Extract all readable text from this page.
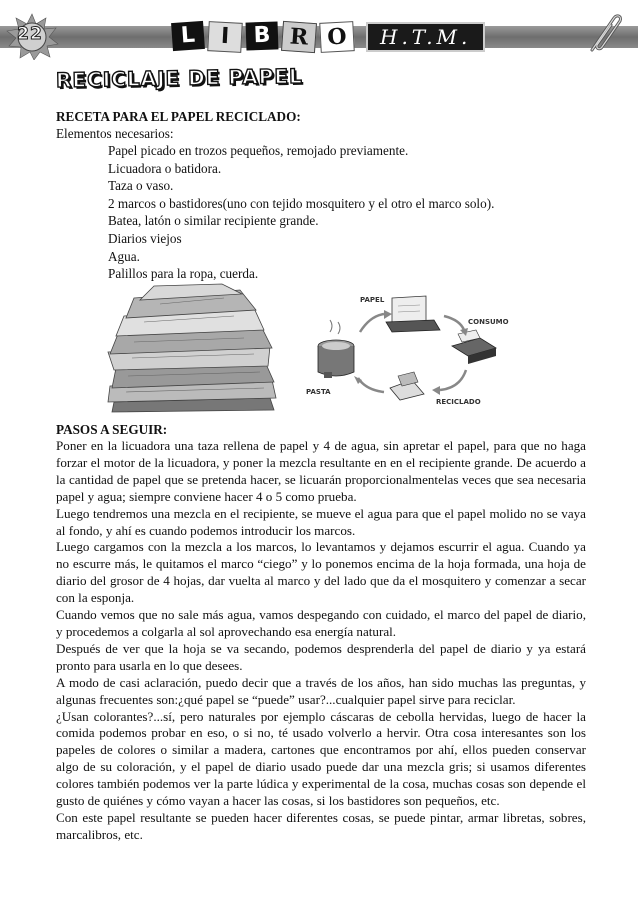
22	L	I	B R O	H.T.M.
RECICLAJE DE PAPEL
RECETA PARA EL PAPEL RECICLADO:
Elementos necesarios:
Papel picado en trozos pequeños, remojado previamente.
Licuadora o batidora.
Taza o vaso.
2 marcos o bastidores(uno con tejido mosquitero y el otro el marco solo).
Batea, latón o similar recipiente grande.
Diarios viejos
Agua.
Palillos para la ropa, cuerda.
PAPEL
CONSUMO
RECICLADO
PASTA
PASOS A SEGUIR:

Poner en la licuadora una taza rellena de papel y 4 de agua, sin apretar el papel, para que no haga forzar el motor de la licuadora, y poner la mezcla resultante en en el recipiente grande. De acuerdo a la cantidad de papel que se pretenda hacer, se licuarán proporcionalmentelas veces que sea necesaria papel y agua; siempre conviene hacer 4 o 5 como prueba.

Luego tendremos una mezcla en el recipiente, se mueve el agua para que el papel molido no se vaya al fondo, y ahí es cuando podemos introducir los marcos.

Luego cargamos con la mezcla a los marcos, lo levantamos y dejamos escurrir el agua. Cuando ya no escurre más, le quitamos el marco “ciego” y lo ponemos encima de la hoja formada, una hoja de diario del grosor de 4 hojas, dar vuelta al marco y del lado que da el mosquitero y comenzar a secar con la esponja.

Cuando vemos que no sale más agua, vamos despegando con cuidado, el marco del papel de diario, y procedemos a colgarla al sol aprovechando esa energía natural.

Después de ver que la hoja se va secando, podemos desprenderla del papel de diario y ya estará pronto para usarla en lo que desees.

A modo de casi aclaración, puedo decir que a través de los años, han sido muchas las preguntas, y algunas frecuentes son:¿qué papel se “puede” usar?...cualquier papel sirve para reciclar.

¿Usan colorantes?...sí, pero naturales por ejemplo cáscaras de cebolla hervidas, luego de hacer la comida podemos probar en eso, o si no, té usado volverlo a hervir. Otra cosa interesantes son los papeles de colores o similar a madera, cartones que encontramos por ahí, ellos pueden conservar algo de su coloración, y el papel de diario usado puede dar una mezcla gris; si usamos diferentes colores también podemos ver la parte lúdica y experimental de la cosa, muchas cosas son depende el gusto de quiénes y cómo vayan a hacer las cosas, si los bastidores son pequeños, etc.

Con este papel resultante se pueden hacer diferentes cosas, se puede pintar, armar libretas, sobres, marcalibros, etc.
